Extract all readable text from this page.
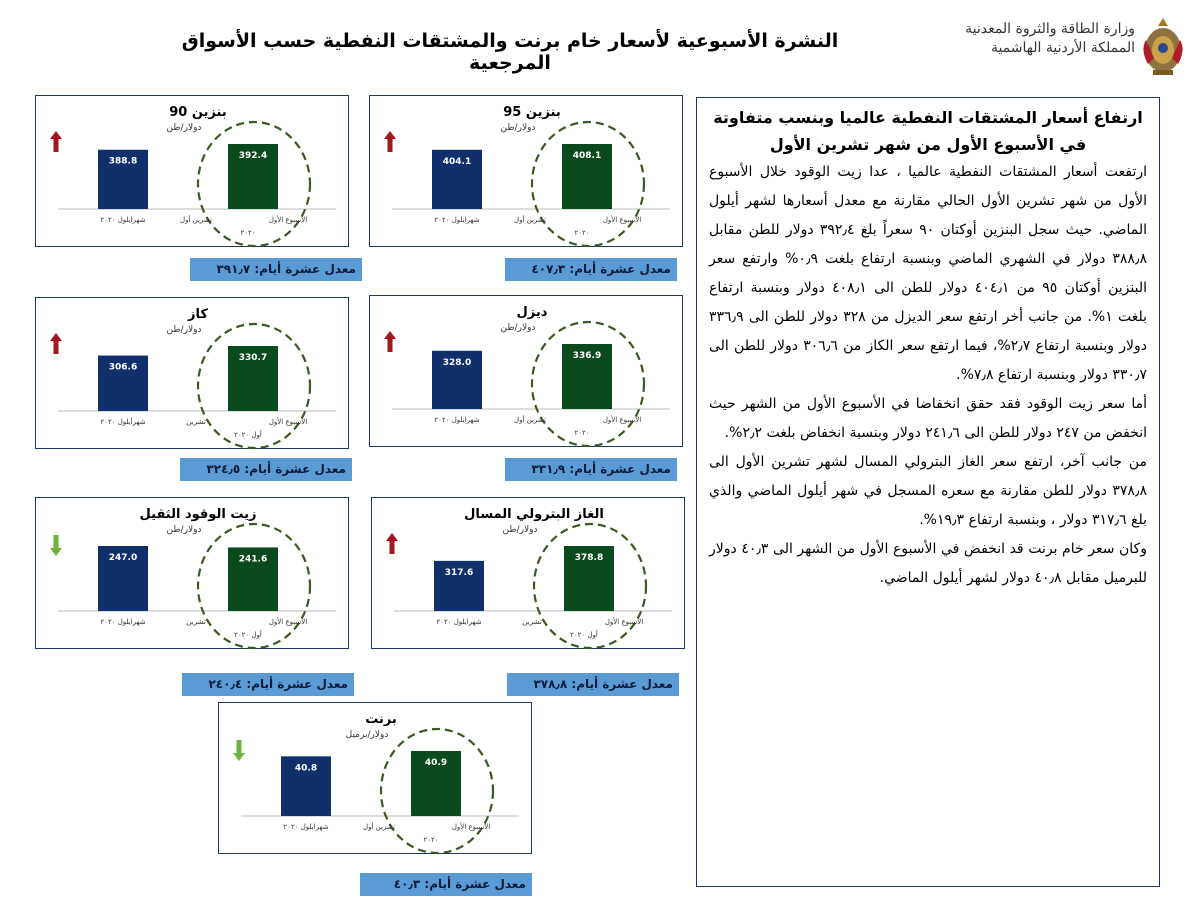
النشرة الأسبوعية لأسعار خام برنت والمشتقات النفطية حسب الأسواق المرجعية
وزارة الطاقة والثروة المعدنية
المملكة الأردنية الهاشمية
ارتفاع أسعار المشتقات النفطية عالميا وبنسب متفاوتة في الأسبوع الأول من شهر تشرين الأول

ارتفعت أسعار المشتقات النفطية عالميا ، عدا زيت الوقود خلال الأسبوع الأول من شهر تشرين الأول الحالي مقارنة مع معدل أسعارها لشهر أيلول الماضي. حيث سجل البنزين أوكتان ٩٠ سعراً بلغ ٣٩٢٫٤ دولار للطن مقابل ٣٨٨٫٨ دولار في الشهري الماضي وبنسبة ارتفاع بلغت ٠٫٩% وارتفع سعر البنزين أوكتان ٩٥ من ٤٠٤٫١ دولار للطن الى ٤٠٨٫١ دولار وبنسبة ارتفاع بلغت ١%. من جانب أخر ارتفع سعر الديزل من ٣٢٨ دولار للطن الى ٣٣٦٫٩ دولار وبنسبة ارتفاع ٢٫٧%، فيما ارتفع سعر الكاز من ٣٠٦٫٦ دولار للطن الى ٣٣٠٫٧ دولار وبنسبة ارتفاع ٧٫٨%.

أما سعر زيت الوقود فقد حقق انخفاضا في الأسبوع الأول من الشهر حيث انخفض من ٢٤٧ دولار للطن الى ٢٤١٫٦ دولار وبنسبة انخفاض بلغت ٢٫٢%.

من جانب آخر، ارتفع سعر الغاز البترولي المسال لشهر تشرين الأول الى ٣٧٨٫٨ دولار للطن مقارنة مع سعره المسجل في شهر أيلول الماضي والذي بلغ ٣١٧٫٦ دولار ، وبنسبة ارتفاع ١٩٫٣%.

وكان سعر خام برنت قد انخفض في الأسبوع الأول من الشهر الى ٤٠٫٣ دولار للبرميل مقابل ٤٠٫٨ دولار لشهر أيلول الماضي.

بنزين 95
دولار/طن
404.1
408.1
شهرايلول ٢٠٢٠	تشرين أول	الاسبوع الأول
٢٠٢٠
معدل عشرة أيام: ٤٠٧٫٣
بنزين 90
دولار/طن
388.8
392.4
شهرايلول ٢٠٢٠	تشرين أول	الاسبوع الأول
٢٠٢٠
معدل عشرة أيام: ٣٩١٫٧
ديزل
دولار/طن
328.0
336.9
شهرايلول ٢٠٢٠	تشرين أول	الاسبوع الأول
٢٠٢٠
معدل عشرة أيام: ٣٣١٫٩
كاز
دولار/طن
306.6
330.7
شهرأيلول ٢٠٢٠	تشرين	الاسبوع الأول
أول ٢٠٢٠
معدل عشرة أيام: ٣٢٤٫٥
الغاز البترولي المسال
دولار/طن
317.6
378.8
شهرايلول ٢٠٢٠	تشرين	الاسبوع الأول
أول ٢٠٢٠
معدل عشرة أيام: ٣٧٨٫٨
زيت الوقود الثقيل
دولار/طن
247.0	241.6
شهرايلول ٢٠٢٠	تشرين	الاسبوع الأول
أول ٢٠٢٠
معدل عشرة أيام: ٢٤٠٫٤
برنت
دولار/برميل
40.8
40.9
شهرايلول ٢٠٢٠	تشرين أول	الاسبوع الأول
٢٠٢٠
معدل عشرة أيام: ٤٠٫٣
